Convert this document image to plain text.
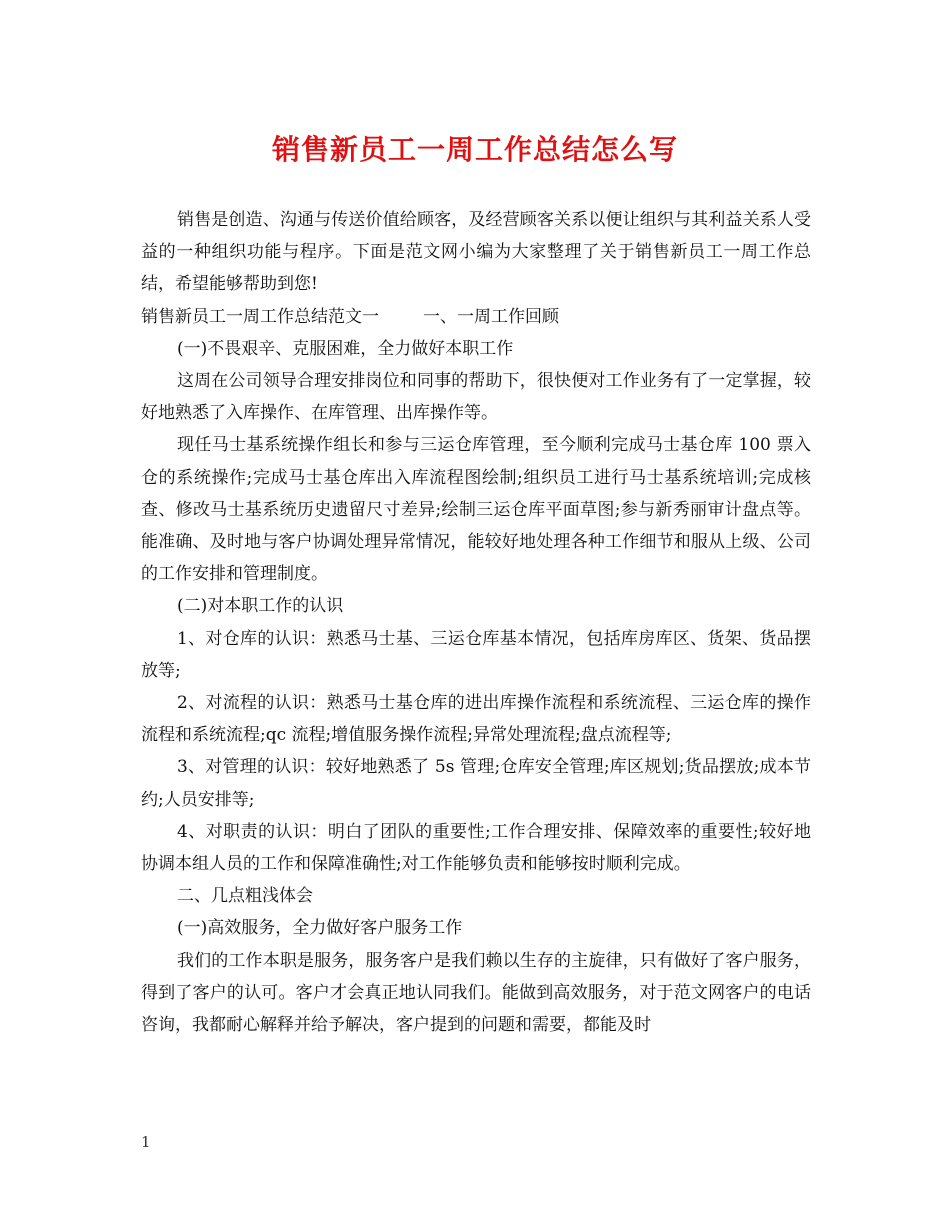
销售新员工一周工作总结怎么写

销售是创造、沟通与传送价值给顾客，及经营顾客关系以便让组织与其利益关系人受益的一种组织功能与程序。下面是范文网小编为大家整理了关于销售新员工一周工作总结，希望能够帮助到您!

销售新员工一周工作总结范文一	一、一周工作回顾

(一)不畏艰辛、克服困难，全力做好本职工作

这周在公司领导合理安排岗位和同事的帮助下，很快便对工作业务有了一定掌握，较好地熟悉了入库操作、在库管理、出库操作等。

现任马士基系统操作组长和参与三运仓库管理，至今顺利完成马士基仓库 100 票入仓的系统操作;完成马士基仓库出入库流程图绘制;组织员工进行马士基系统培训;完成核查、修改马士基系统历史遗留尺寸差异;绘制三运仓库平面草图;参与新秀丽审计盘点等。能准确、及时地与客户协调处理异常情况，能较好地处理各种工作细节和服从上级、公司的工作安排和管理制度。

(二)对本职工作的认识

1、对仓库的认识：熟悉马士基、三运仓库基本情况，包括库房库区、货架、货品摆放等;

2、对流程的认识：熟悉马士基仓库的进出库操作流程和系统流程、三运仓库的操作流程和系统流程;qc 流程;增值服务操作流程;异常处理流程;盘点流程等;

3、对管理的认识：较好地熟悉了 5s 管理;仓库安全管理;库区规划;货品摆放;成本节约;人员安排等;

4、对职责的认识：明白了团队的重要性;工作合理安排、保障效率的重要性;较好地协调本组人员的工作和保障准确性;对工作能够负责和能够按时顺利完成。

二、几点粗浅体会

(一)高效服务，全力做好客户服务工作

我们的工作本职是服务，服务客户是我们赖以生存的主旋律，只有做好了客户服务，得到了客户的认可。客户才会真正地认同我们。能做到高效服务，对于范文网客户的电话咨询，我都耐心解释并给予解决，客户提到的问题和需要，都能及时

1
